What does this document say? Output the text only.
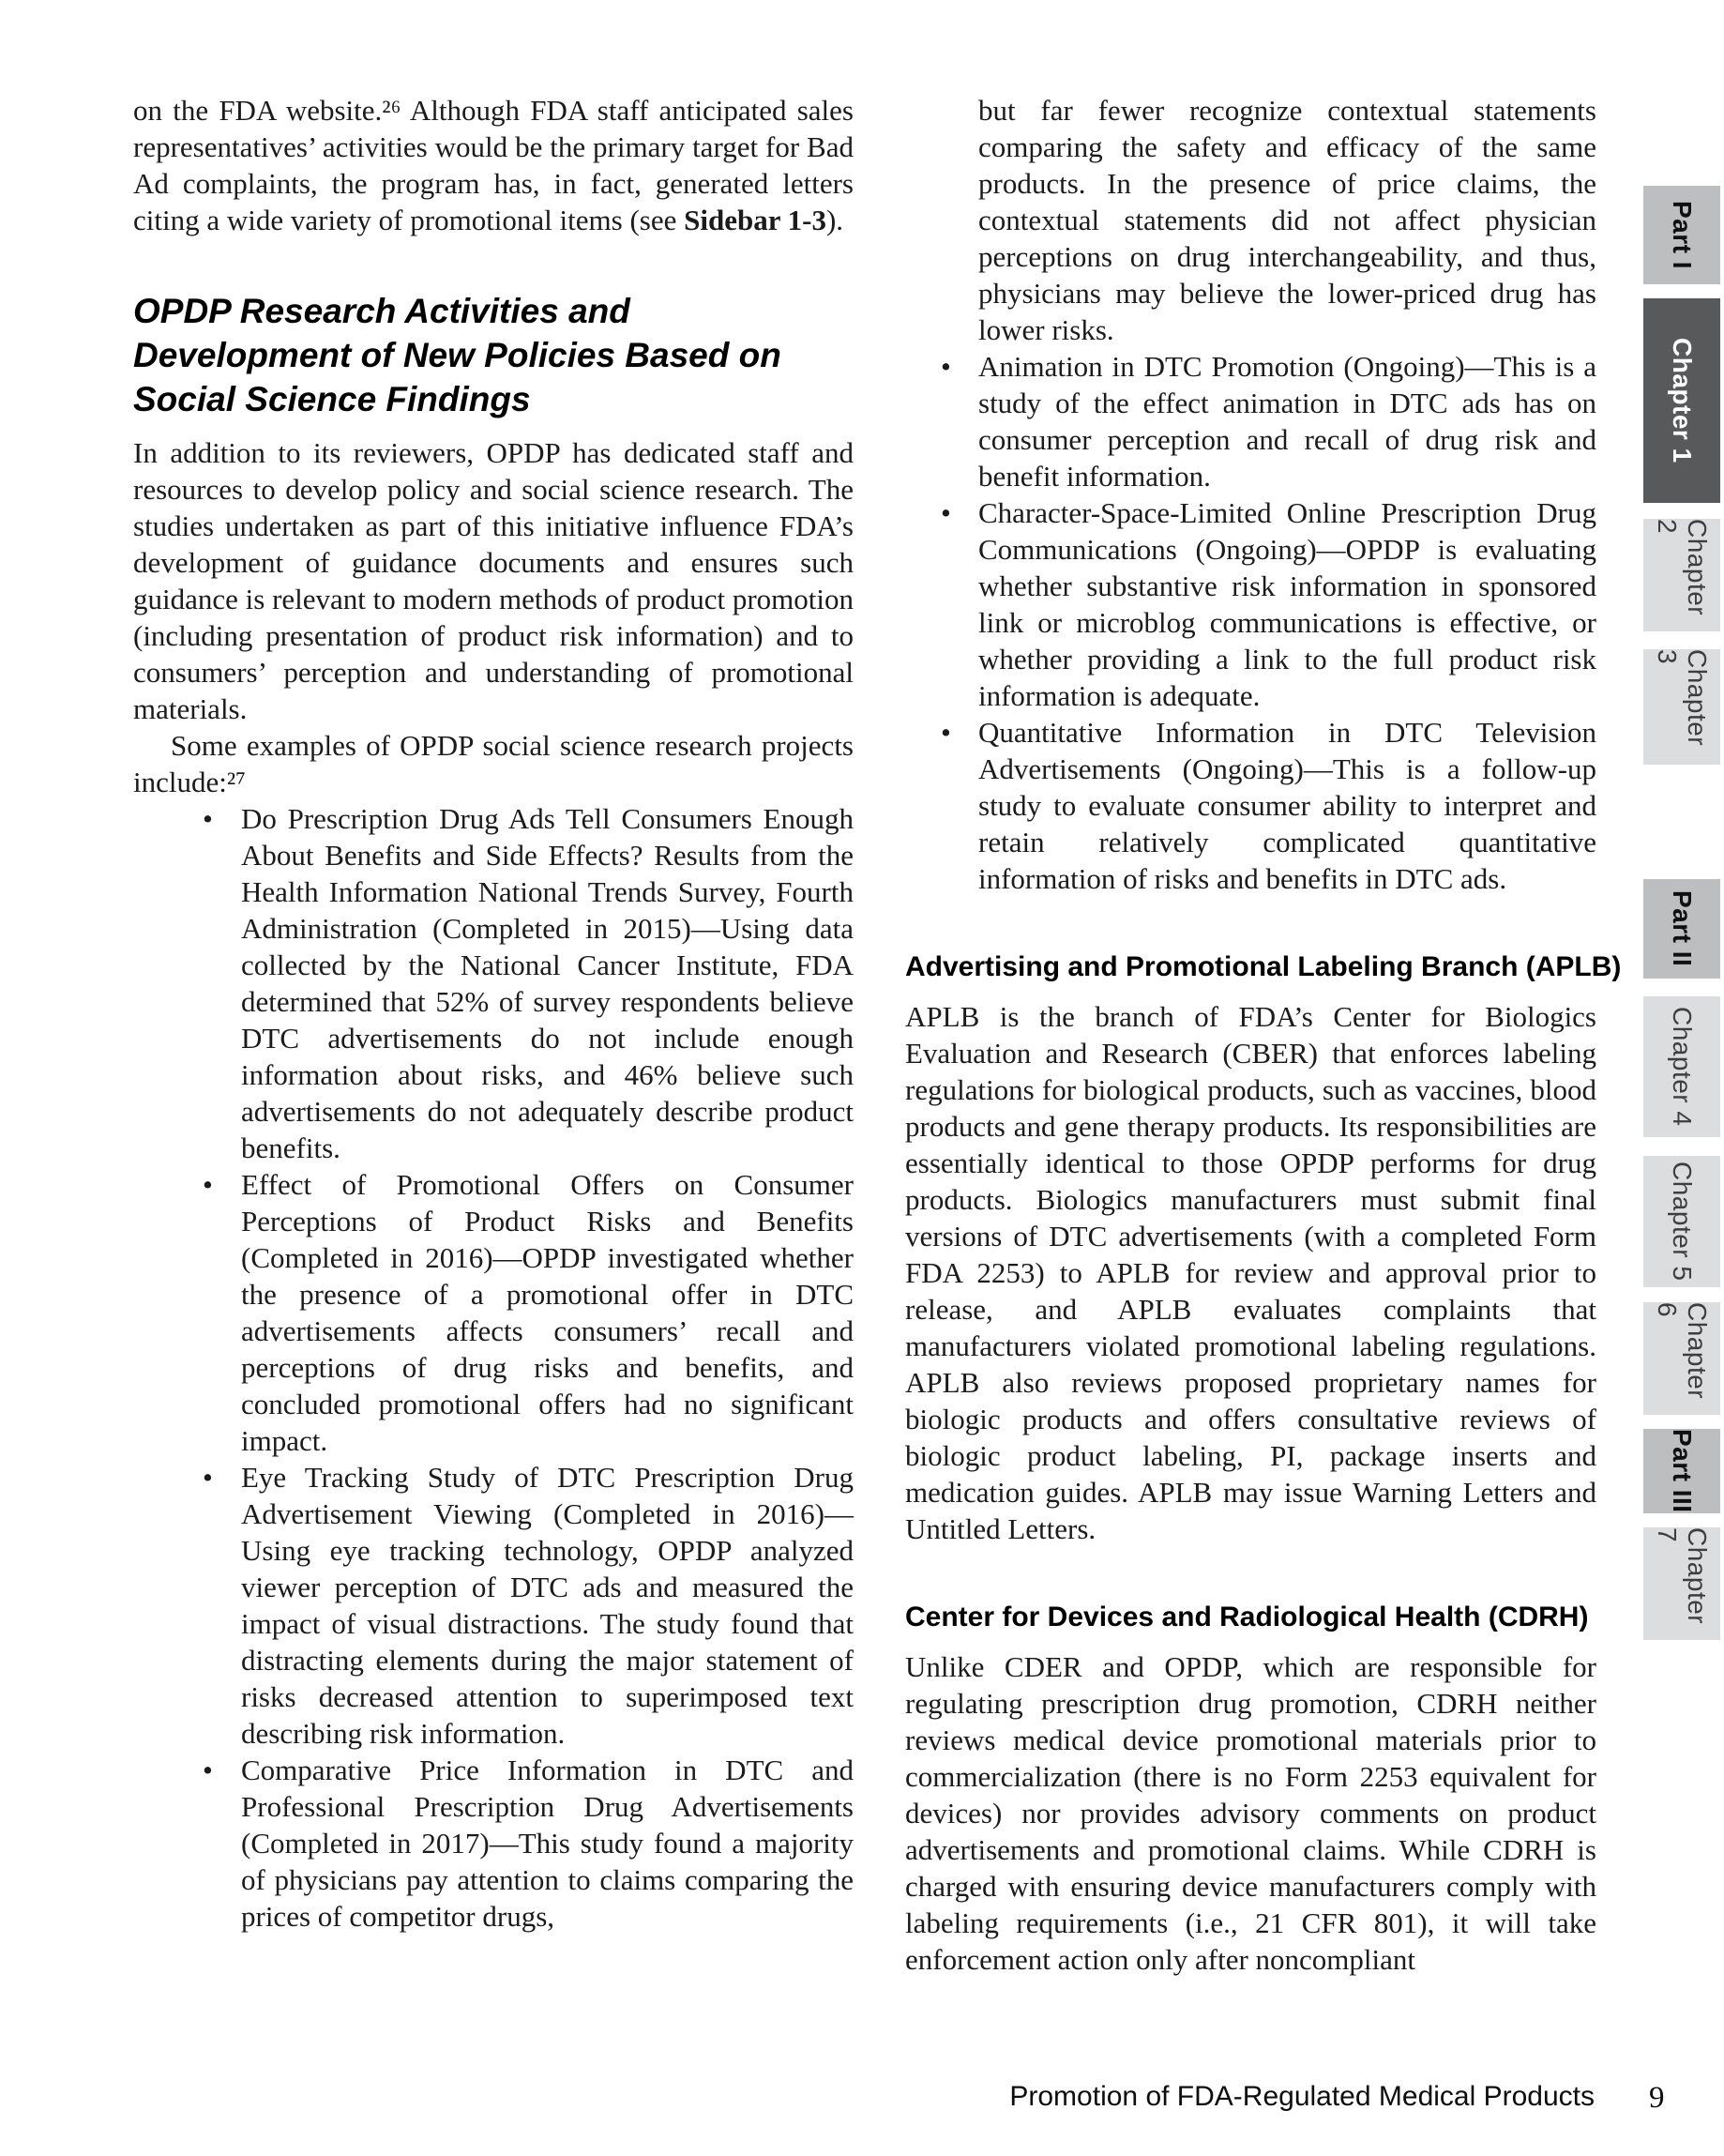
on the FDA website.²⁶ Although FDA staff anticipated sales representatives’ activities would be the primary target for Bad Ad complaints, the program has, in fact, generated letters citing a wide variety of promotional items (see Sidebar 1-3).

OPDP Research Activities and Development of New Policies Based on Social Science Findings

In addition to its reviewers, OPDP has dedicated staff and resources to develop policy and social science research. The studies undertaken as part of this initiative influence FDA’s development of guidance documents and ensures such guidance is relevant to modern methods of product promotion (including presentation of product risk information) and to consumers’ perception and understanding of promotional materials.

Some examples of OPDP social science research projects include:²⁷

• Do Prescription Drug Ads Tell Consumers Enough About Benefits and Side Effects? Results from the Health Information National Trends Survey, Fourth Administration (Completed in 2015)—Using data collected by the National Cancer Institute, FDA determined that 52% of survey respondents believe DTC advertisements do not include enough information about risks, and 46% believe such advertisements do not adequately describe product benefits.
• Effect of Promotional Offers on Consumer Perceptions of Product Risks and Benefits (Completed in 2016)—OPDP investigated whether the presence of a promotional offer in DTC advertisements affects consumers’ recall and perceptions of drug risks and benefits, and concluded promotional offers had no significant impact.
• Eye Tracking Study of DTC Prescription Drug Advertisement Viewing (Completed in 2016)—Using eye tracking technology, OPDP analyzed viewer perception of DTC ads and measured the impact of visual distractions. The study found that distracting elements during the major statement of risks decreased attention to superimposed text describing risk information.
• Comparative Price Information in DTC and Professional Prescription Drug Advertisements (Completed in 2017)—This study found a majority of physicians pay attention to claims comparing the prices of competitor drugs,

but far fewer recognize contextual statements comparing the safety and efficacy of the same products. In the presence of price claims, the contextual statements did not affect physician perceptions on drug interchangeability, and thus, physicians may believe the lower-priced drug has lower risks.

• Animation in DTC Promotion (Ongoing)—This is a study of the effect animation in DTC ads has on consumer perception and recall of drug risk and benefit information.
• Character-Space-Limited Online Prescription Drug Communications (Ongoing)—OPDP is evaluating whether substantive risk information in sponsored link or microblog communications is effective, or whether providing a link to the full product risk information is adequate.
• Quantitative Information in DTC Television Advertisements (Ongoing)—This is a follow-up study to evaluate consumer ability to interpret and retain relatively complicated quantitative information of risks and benefits in DTC ads.
Advertising and Promotional Labeling Branch (APLB)

APLB is the branch of FDA’s Center for Biologics Evaluation and Research (CBER) that enforces labeling regulations for biological products, such as vaccines, blood products and gene therapy products. Its responsibilities are essentially identical to those OPDP performs for drug products. Biologics manufacturers must submit final versions of DTC advertisements (with a completed Form FDA 2253) to APLB for review and approval prior to release, and APLB evaluates complaints that manufacturers violated promotional labeling regulations. APLB also reviews proposed proprietary names for biologic products and offers consultative reviews of biologic product labeling, PI, package inserts and medication guides. APLB may issue Warning Letters and Untitled Letters.

Center for Devices and Radiological Health (CDRH)

Unlike CDER and OPDP, which are responsible for regulating prescription drug promotion, CDRH neither reviews medical device promotional materials prior to commercialization (there is no Form 2253 equivalent for devices) nor provides advisory comments on product advertisements and promotional claims. While CDRH is charged with ensuring device manufacturers comply with labeling requirements (i.e., 21 CFR 801), it will take enforcement action only after noncompliant

Part I
Chapter 1
Chapter 2
Chapter 3
Part II
Chapter 4
Chapter 5
Chapter 6
Part III
Chapter 7
Promotion of FDA-Regulated Medical Products 9
